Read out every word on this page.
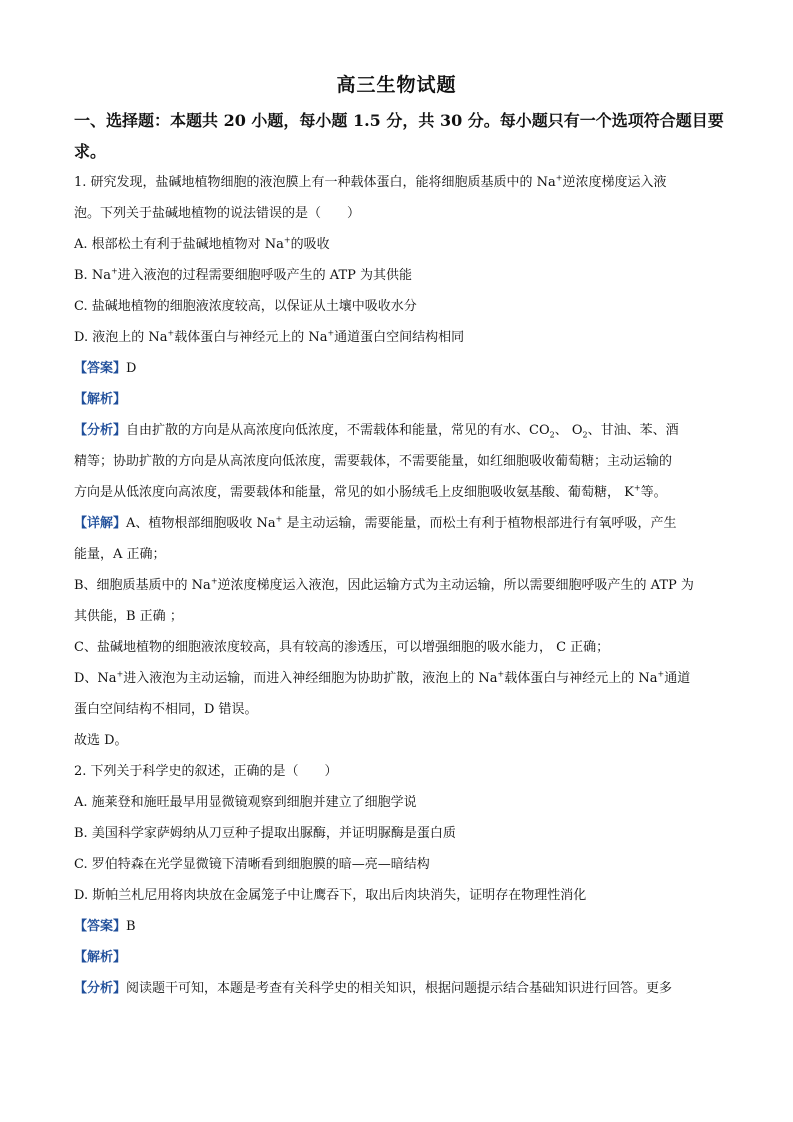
高三生物试题
一、选择题：本题共 20 小题，每小题 1.5 分，共 30 分。每小题只有一个选项符合题目要
求。
1. 研究发现，盐碱地植物细胞的液泡膜上有一种载体蛋白，能将细胞质基质中的 Na+逆浓度梯度运入液
泡。下列关于盐碱地植物的说法错误的是（　　）
A. 根部松土有利于盐碱地植物对 Na+的吸收
B. Na+进入液泡的过程需要细胞呼吸产生的 ATP 为其供能
C. 盐碱地植物的细胞液浓度较高，以保证从土壤中吸收水分
D. 液泡上的 Na+载体蛋白与神经元上的 Na+通道蛋白空间结构相同
【答案】D
【解析】
【分析】自由扩散的方向是从高浓度向低浓度，不需载体和能量，常见的有水、$CO_2$、 $O_2$、甘油、苯、酒
精等；协助扩散的方向是从高浓度向低浓度，需要载体，不需要能量，如红细胞吸收葡萄糖；主动运输的
方向是从低浓度向高浓度，需要载体和能量，常见的如小肠绒毛上皮细胞吸收氨基酸、葡萄糖， K+等。
【详解】A、植物根部细胞吸收 Na+ 是主动运输，需要能量，而松土有利于植物根部进行有氧呼吸，产生
能量，A 正确；
B、细胞质基质中的 Na+逆浓度梯度运入液泡，因此运输方式为主动运输，所以需要细胞呼吸产生的 ATP 为
其供能，B 正确 ；
C、盐碱地植物的细胞液浓度较高，具有较高的渗透压，可以增强细胞的吸水能力， C 正确；
D、Na+进入液泡为主动运输，而进入神经细胞为协助扩散，液泡上的 Na+载体蛋白与神经元上的 Na+通道
蛋白空间结构不相同，D 错误。
故选 D。
2. 下列关于科学史的叙述，正确的是（　　）
A. 施莱登和施旺最早用显微镜观察到细胞并建立了细胞学说
B. 美国科学家萨姆纳从刀豆种子提取出脲酶，并证明脲酶是蛋白质
C. 罗伯特森在光学显微镜下清晰看到细胞膜的暗—亮—暗结构
D. 斯帕兰札尼用将肉块放在金属笼子中让鹰吞下，取出后肉块消失，证明存在物理性消化
【答案】B
【解析】
【分析】阅读题干可知，本题是考查有关科学史的相关知识，根据问题提示结合基础知识进行回答。更多
